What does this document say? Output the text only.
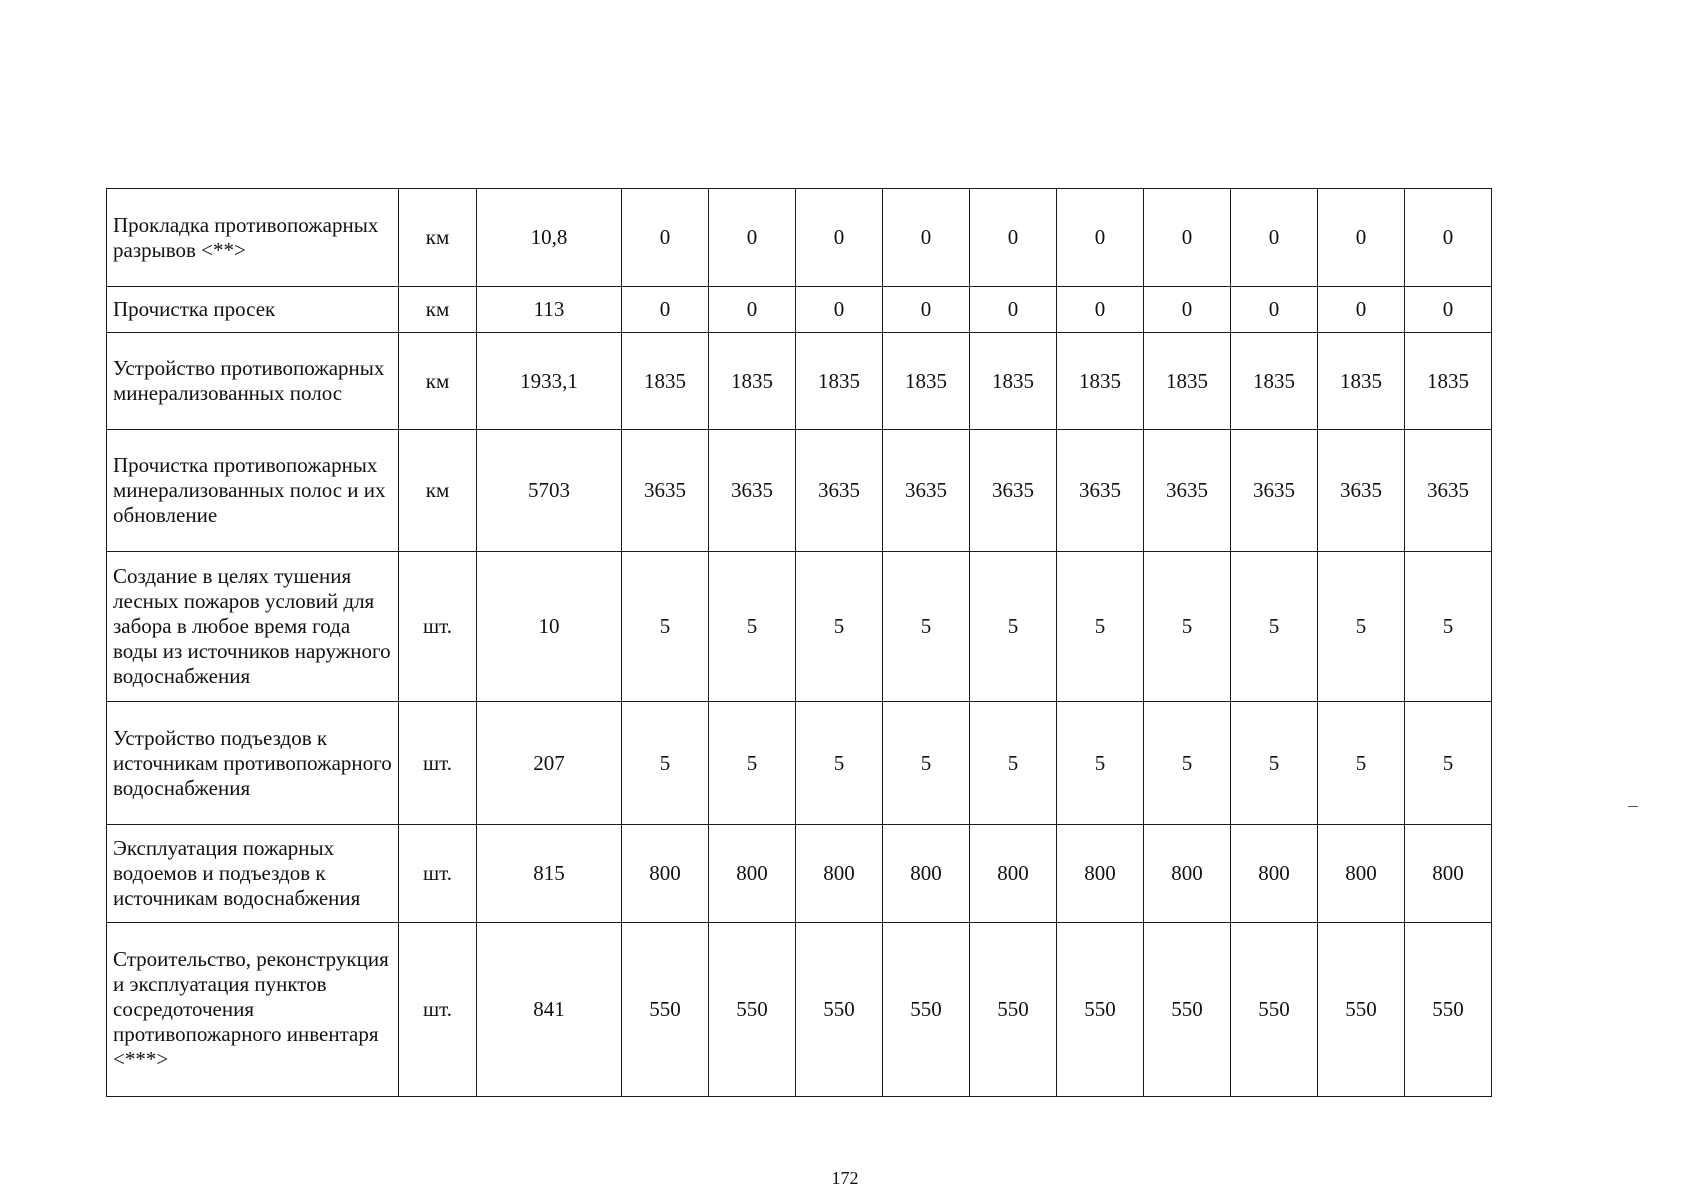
Прокладка противопожарных разрывов <**>	км	10,8	0	0	0	0	0	0	0	0	0	0
Прочистка просек	км	113	0	0	0	0	0	0	0	0	0	0
Устройство противопожарных минерализованных полос	км	1933,1	1835	1835	1835	1835	1835	1835	1835	1835	1835	1835
Прочистка противопожарных минерализованных полос и их обновление	км	5703	3635	3635	3635	3635	3635	3635	3635	3635	3635	3635
Создание в целях тушения лесных пожаров условий для забора в любое время года воды из источников наружного водоснабжения	шт.	10	5	5	5	5	5	5	5	5	5	5
Устройство подъездов к источникам противопожарного водоснабжения	шт.	207	5	5	5	5	5	5	5	5	5	5
Эксплуатация пожарных водоемов и подъездов к источникам водоснабжения	шт.	815	800	800	800	800	800	800	800	800	800	800
Строительство, реконструкция и эксплуатация пунктов сосредоточения противопожарного инвентаря <***>	шт.	841	550	550	550	550	550	550	550	550	550	550
172
